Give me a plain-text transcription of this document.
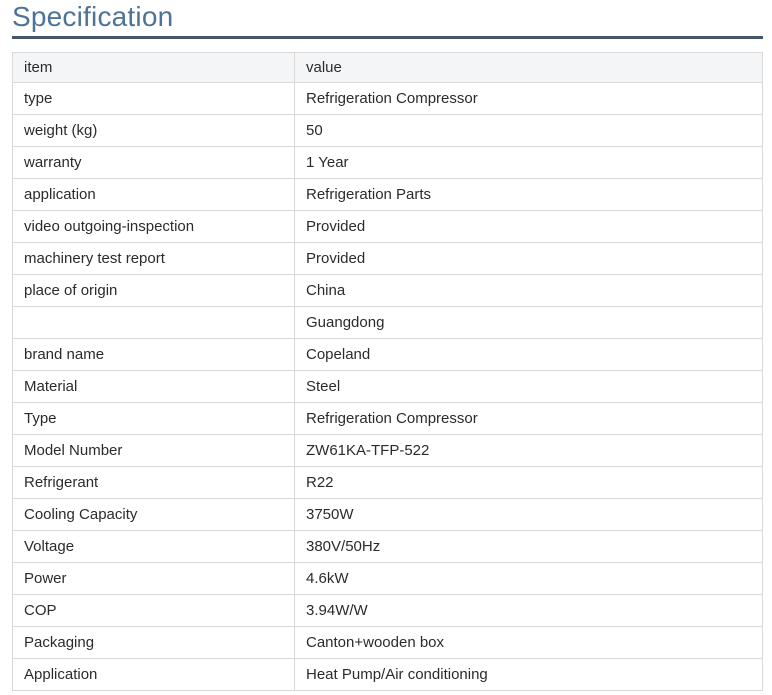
Specification
item	value
type	Refrigeration Compressor
weight (kg)	50
warranty	1 Year
application	Refrigeration Parts
video outgoing-inspection	Provided
machinery test report	Provided
place of origin	China
	Guangdong
brand name	Copeland
Material	Steel
Type	Refrigeration Compressor
Model Number	ZW61KA-TFP-522
Refrigerant	R22
Cooling Capacity	3750W
Voltage	380V/50Hz
Power	4.6kW
COP	3.94W/W
Packaging	Canton+wooden box
Application	Heat Pump/Air conditioning
